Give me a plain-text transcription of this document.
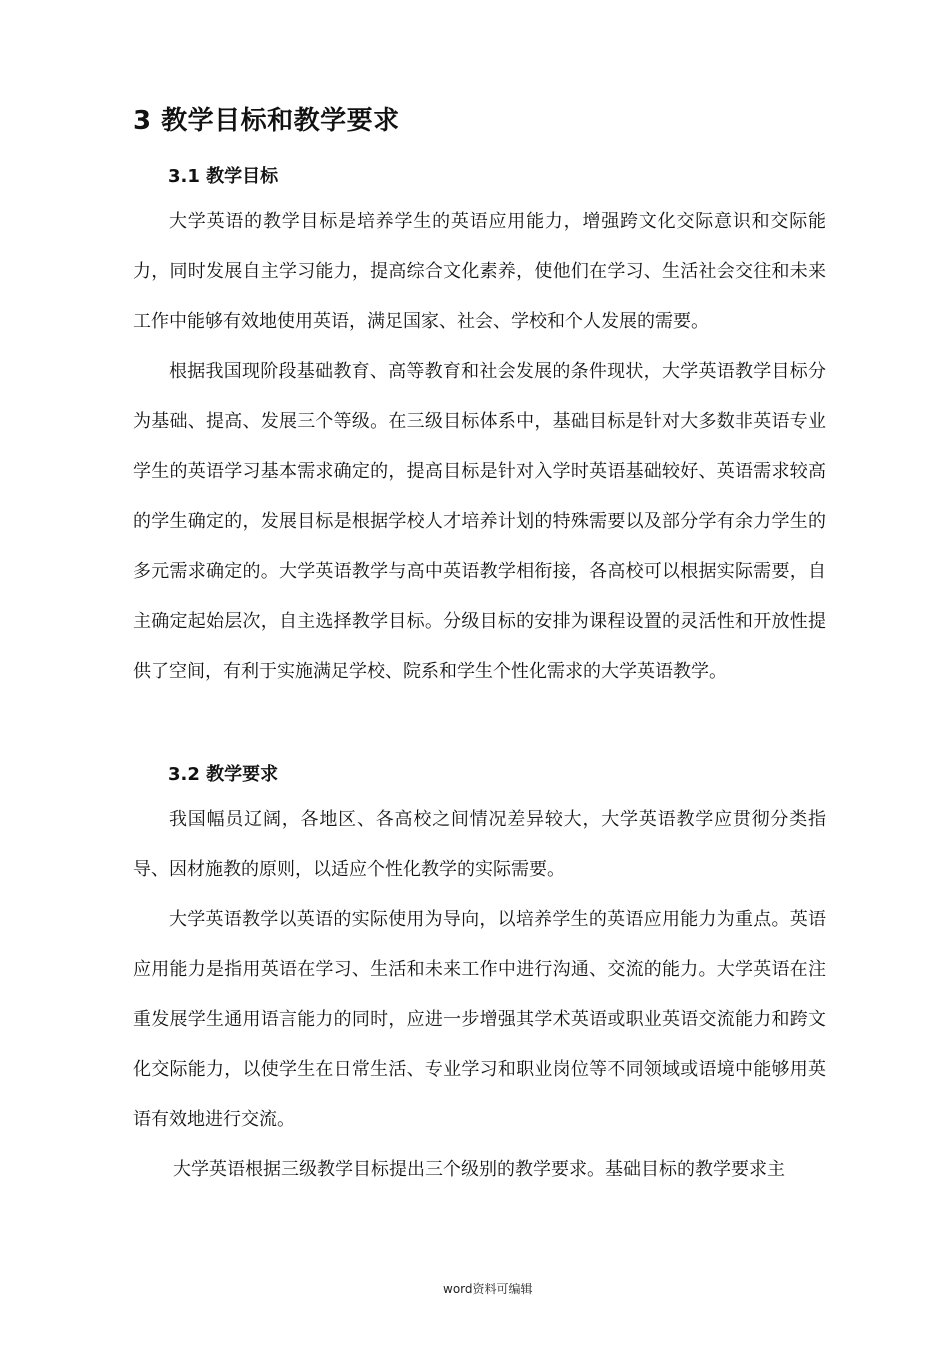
3 教学目标和教学要求
3.1 教学目标

大学英语的教学目标是培养学生的英语应用能力，增强跨文化交际意识和交际能力，同时发展自主学习能力，提高综合文化素养，使他们在学习、生活社会交往和未来工作中能够有效地使用英语，满足国家、社会、学校和个人发展的需要。

根据我国现阶段基础教育、高等教育和社会发展的条件现状，大学英语教学目标分为基础、提高、发展三个等级。在三级目标体系中，基础目标是针对大多数非英语专业学生的英语学习基本需求确定的，提高目标是针对入学时英语基础较好、英语需求较高的学生确定的，发展目标是根据学校人才培养计划的特殊需要以及部分学有余力学生的多元需求确定的。大学英语教学与高中英语教学相衔接，各高校可以根据实际需要，自主确定起始层次，自主选择教学目标。分级目标的安排为课程设置的灵活性和开放性提供了空间，有利于实施满足学校、院系和学生个性化需求的大学英语教学。

3.2 教学要求

我国幅员辽阔，各地区、各高校之间情况差异较大，大学英语教学应贯彻分类指导、因材施教的原则，以适应个性化教学的实际需要。

大学英语教学以英语的实际使用为导向，以培养学生的英语应用能力为重点。英语应用能力是指用英语在学习、生活和未来工作中进行沟通、交流的能力。大学英语在注重发展学生通用语言能力的同时，应进一步增强其学术英语或职业英语交流能力和跨文化交际能力，以使学生在日常生活、专业学习和职业岗位等不同领域或语境中能够用英语有效地进行交流。

大学英语根据三级教学目标提出三个级别的教学要求。基础目标的教学要求主

word资料可编辑
